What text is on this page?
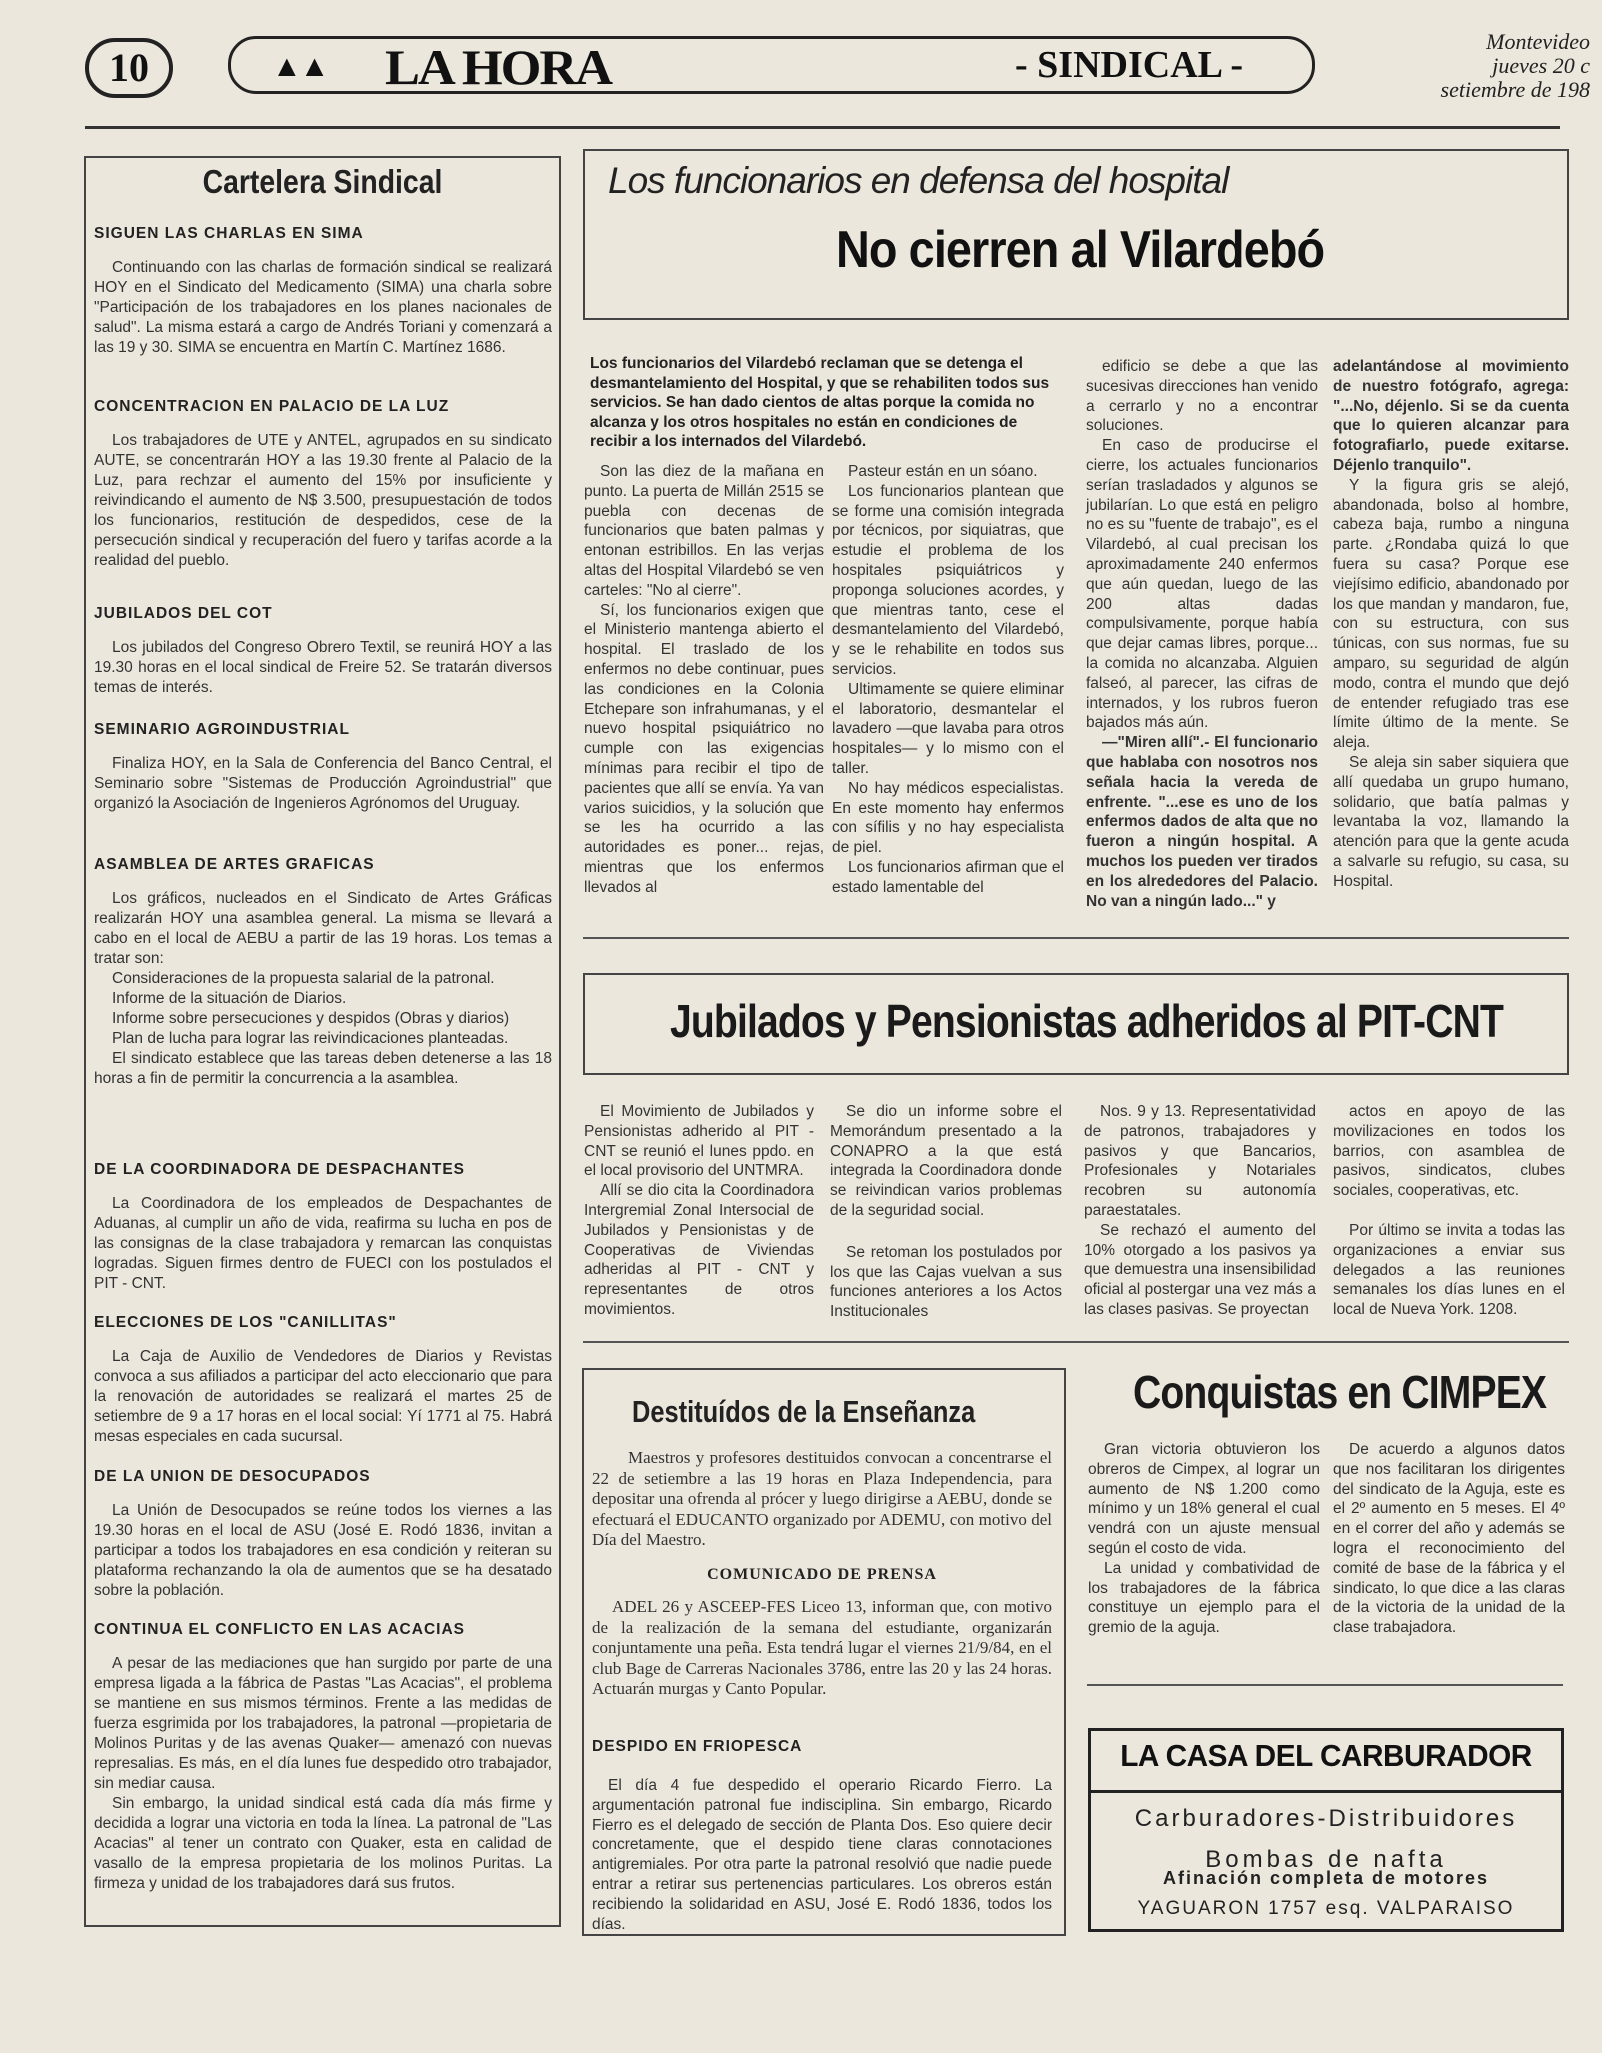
10	▲▲ LA HORA	- SINDICAL -
Montevideo
jueves 20 c
setiembre de 198
Cartelera Sindical
SIGUEN LAS CHARLAS EN SIMA

Continuando con las charlas de formación sindical se realizará HOY en el Sindicato del Medicamento (SIMA) una charla sobre "Participación de los trabajadores en los planes nacionales de salud". La misma estará a cargo de Andrés Toriani y comenzará a las 19 y 30. SIMA se encuentra en Martín C. Martínez 1686.

CONCENTRACION EN PALACIO DE LA LUZ

Los trabajadores de UTE y ANTEL, agrupados en su sindicato AUTE, se concentrarán HOY a las 19.30 frente al Palacio de la Luz, para rechzar el aumento del 15% por insuficiente y reivindicando el aumento de N$ 3.500, presupuestación de todos los funcionarios, restitución de despedidos, cese de la persecución sindical y recuperación del fuero y tarifas acorde a la realidad del pueblo.

JUBILADOS DEL COT

Los jubilados del Congreso Obrero Textil, se reunirá HOY a las 19.30 horas en el local sindical de Freire 52. Se tratarán diversos temas de interés.

SEMINARIO AGROINDUSTRIAL

Finaliza HOY, en la Sala de Conferencia del Banco Central, el Seminario sobre "Sistemas de Producción Agroindustrial" que organizó la Asociación de Ingenieros Agrónomos del Uruguay.

ASAMBLEA DE ARTES GRAFICAS

Los gráficos, nucleados en el Sindicato de Artes Gráficas realizarán HOY una asamblea general. La misma se llevará a cabo en el local de AEBU a partir de las 19 horas. Los temas a tratar son:

Consideraciones de la propuesta salarial de la patronal.

Informe de la situación de Diarios.

Informe sobre persecuciones y despidos (Obras y diarios)

Plan de lucha para lograr las reivindicaciones planteadas.

El sindicato establece que las tareas deben detenerse a las 18 horas a fin de permitir la concurrencia a la asamblea.

DE LA COORDINADORA DE DESPACHANTES

La Coordinadora de los empleados de Despachantes de Aduanas, al cumplir un año de vida, reafirma su lucha en pos de las consignas de la clase trabajadora y remarcan las conquistas logradas. Siguen firmes dentro de FUECI con los postulados el PIT - CNT.

ELECCIONES DE LOS "CANILLITAS"

La Caja de Auxilio de Vendedores de Diarios y Revistas convoca a sus afiliados a participar del acto eleccionario que para la renovación de autoridades se realizará el martes 25 de setiembre de 9 a 17 horas en el local social: Yí 1771 al 75. Habrá mesas especiales en cada sucursal.

DE LA UNION DE DESOCUPADOS

La Unión de Desocupados se reúne todos los viernes a las 19.30 horas en el local de ASU (José E. Rodó 1836, invitan a participar a todos los trabajadores en esa condición y reiteran su plataforma rechanzando la ola de aumentos que se ha desatado sobre la población.

CONTINUA EL CONFLICTO EN LAS ACACIAS

A pesar de las mediaciones que han surgido por parte de una empresa ligada a la fábrica de Pastas "Las Acacias", el problema se mantiene en sus mismos términos. Frente a las medidas de fuerza esgrimida por los trabajadores, la patronal —propietaria de Molinos Puritas y de las avenas Quaker— amenazó con nuevas represalias. Es más, en el día lunes fue despedido otro trabajador, sin mediar causa.

Sin embargo, la unidad sindical está cada día más firme y decidida a lograr una victoria en toda la línea. La patronal de "Las Acacias" al tener un contrato con Quaker, esta en calidad de vasallo de la empresa propietaria de los molinos Puritas. La firmeza y unidad de los trabajadores dará sus frutos.

Los funcionarios en defensa del hospital
No cierren al Vilardebó
Los funcionarios del Vilardebó reclaman que se detenga el desmantelamiento del Hospital, y que se rehabiliten todos sus servicios. Se han dado cientos de altas porque la comida no alcanza y los otros hospitales no están en condiciones de recibir a los internados del Vilardebó.

Son las diez de la mañana en punto. La puerta de Millán 2515 se puebla con decenas de funcionarios que baten palmas y entonan estribillos. En las verjas altas del Hospital Vilardebó se ven carteles: "No al cierre".

Sí, los funcionarios exigen que el Ministerio mantenga abierto el hospital. El traslado de los enfermos no debe continuar, pues las condiciones en la Colonia Etchepare son infrahumanas, y el nuevo hospital psiquiátrico no cumple con las exigencias mínimas para recibir el tipo de pacientes que allí se envía. Ya van varios suicidios, y la solución que se les ha ocurrido a las autoridades es poner... rejas, mientras que los enfermos llevados al

Pasteur están en un sóano.

Los funcionarios plantean que se forme una comisión integrada por técnicos, por siquiatras, que estudie el problema de los hospitales psiquiátricos y proponga soluciones acordes, y que mientras tanto, cese el desmantelamiento del Vilardebó, y se le rehabilite en todos sus servicios.

Ultimamente se quiere eliminar el laboratorio, desmantelar el lavadero —que lavaba para otros hospitales— y lo mismo con el taller.

No hay médicos especialistas. En este momento hay enfermos con sífilis y no hay especialista de piel.

Los funcionarios afirman que el estado lamentable del

edificio se debe a que las sucesivas direcciones han venido a cerrarlo y no a encontrar soluciones.

En caso de producirse el cierre, los actuales funcionarios serían trasladados y algunos se jubilarían. Lo que está en peligro no es su "fuente de trabajo", es el Vilardebó, al cual precisan los aproximadamente 240 enfermos que aún quedan, luego de las 200 altas dadas compulsivamente, porque había que dejar camas libres, porque... la comida no alcanzaba. Alguien falseó, al parecer, las cifras de internados, y los rubros fueron bajados más aún.

—"Miren allí".- El funcionario que hablaba con nosotros nos señala hacia la vereda de enfrente. "...ese es uno de los enfermos dados de alta que no fueron a ningún hospital. A muchos los pueden ver tirados en los alrededores del Palacio. No van a ningún lado..." y

adelantándose al movimiento de nuestro fotógrafo, agrega: "...No, déjenlo. Si se da cuenta que lo quieren alcanzar para fotografiarlo, puede exitarse. Déjenlo tranquilo".

Y la figura gris se alejó, abandonada, bolso al hombre, cabeza baja, rumbo a ninguna parte. ¿Rondaba quizá lo que fuera su casa? Porque ese viejísimo edificio, abandonado por los que mandan y mandaron, fue, con su estructura, con sus túnicas, con sus normas, fue su amparo, su seguridad de algún modo, contra el mundo que dejó de entender refugiado tras ese límite último de la mente. Se aleja.

Se aleja sin saber siquiera que allí quedaba un grupo humano, solidario, que batía palmas y levantaba la voz, llamando la atención para que la gente acuda a salvarle su refugio, su casa, su Hospital.

Jubilados y Pensionistas adheridos al PIT-CNT

El Movimiento de Jubilados y Pensionistas adherido al PIT - CNT se reunió el lunes ppdo. en el local provisorio del UNTMRA.

Allí se dio cita la Coordinadora Intergremial Zonal Intersocial de Jubilados y Pensionistas y de Cooperativas de Viviendas adheridas al PIT - CNT y representantes de otros movimientos.

Se dio un informe sobre el Memorándum presentado a la CONAPRO a la que está integrada la Coordinadora donde se reivindican varios problemas de la seguridad social.

Se retoman los postulados por los que las Cajas vuelvan a sus funciones anteriores a los Actos Institucionales

Nos. 9 y 13. Representatividad de patronos, trabajadores y pasivos y que Bancarios, Profesionales y Notariales recobren su autonomía paraestatales.

Se rechazó el aumento del 10% otorgado a los pasivos ya que demuestra una insensibilidad oficial al postergar una vez más a las clases pasivas. Se proyectan

actos en apoyo de las movilizaciones en todos los barrios, con asamblea de pasivos, sindicatos, clubes sociales, cooperativas, etc.

Por último se invita a todas las organizaciones a enviar sus delegados a las reuniones semanales los días lunes en el local de Nueva York. 1208.

Destituídos de la Enseñanza

Maestros y profesores destituidos convocan a concentrarse el 22 de setiembre a las 19 horas en Plaza Independencia, para depositar una ofrenda al prócer y luego dirigirse a AEBU, donde se efectuará el EDUCANTO organizado por ADEMU, con motivo del Día del Maestro.

COMUNICADO DE PRENSA

ADEL 26 y ASCEEP-FES Liceo 13, informan que, con motivo de la realización de la semana del estudiante, organizarán conjuntamente una peña. Esta tendrá lugar el viernes 21/9/84, en el club Bage de Carreras Nacionales 3786, entre las 20 y las 24 horas. Actuarán murgas y Canto Popular.

DESPIDO EN FRIOPESCA

El día 4 fue despedido el operario Ricardo Fierro. La argumentación patronal fue indisciplina. Sin embargo, Ricardo Fierro es el delegado de sección de Planta Dos. Eso quiere decir concretamente, que el despido tiene claras connotaciones antigremiales. Por otra parte la patronal resolvió que nadie puede entrar a retirar sus pertenencias particulares. Los obreros están recibiendo la solidaridad en ASU, José E. Rodó 1836, todos los días.

Conquistas en CIMPEX

Gran victoria obtuvieron los obreros de Cimpex, al lograr un aumento de N$ 1.200 como mínimo y un 18% general el cual vendrá con un ajuste mensual según el costo de vida.

La unidad y combatividad de los trabajadores de la fábrica constituye un ejemplo para el gremio de la aguja.

De acuerdo a algunos datos que nos facilitaran los dirigentes del sindicato de la Aguja, este es el 2º aumento en 5 meses. El 4º en el correr del año y además se logra el reconocimiento del comité de base de la fábrica y el sindicato, lo que dice a las claras de la victoria de la unidad de la clase trabajadora.

LA CASA DEL CARBURADOR
Carburadores-Distribuidores
Bombas de nafta
Afinación completa de motores
YAGUARON 1757 esq. VALPARAISO
